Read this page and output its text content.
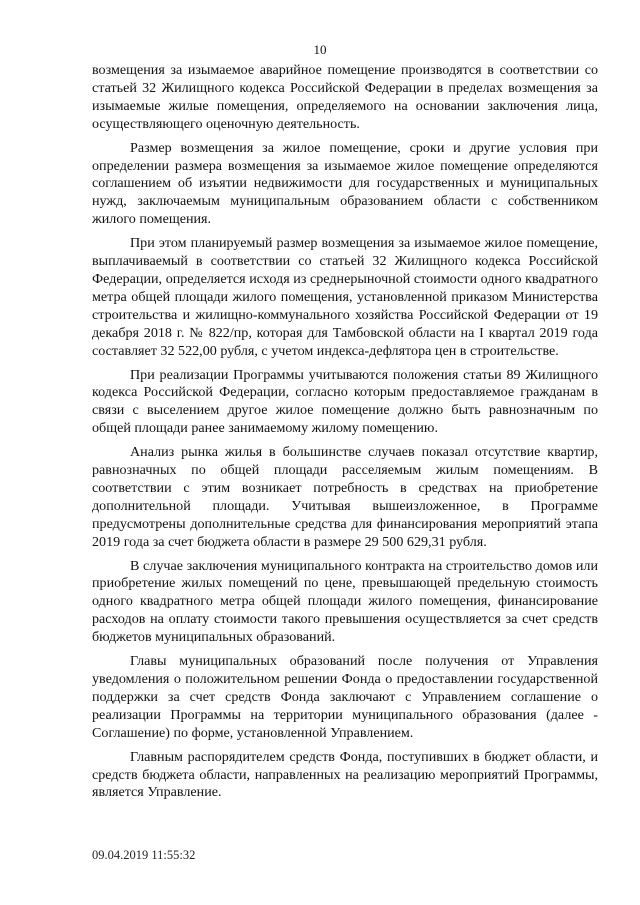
10

возмещения за изымаемое аварийное помещение производятся в соответствии со статьей 32 Жилищного кодекса Российской Федерации в пределах возмещения за изымаемые жилые помещения, определяемого на основании заключения лица, осуществляющего оценочную деятельность.

Размер возмещения за жилое помещение, сроки и другие условия при определении размера возмещения за изымаемое жилое помещение определяются соглашением об изъятии недвижимости для государственных и муниципальных нужд, заключаемым муниципальным образованием области с собственником жилого помещения.

При этом планируемый размер возмещения за изымаемое жилое помещение, выплачиваемый в соответствии со статьей 32 Жилищного кодекса Российской Федерации, определяется исходя из среднерыночной стоимости одного квадратного метра общей площади жилого помещения, установленной приказом Министерства строительства и жилищно-коммунального хозяйства Российской Федерации от 19 декабря 2018 г. № 822/пр, которая для Тамбовской области на I квартал 2019 года составляет 32 522,00 рубля, с учетом индекса-дефлятора цен в строительстве.

При реализации Программы учитываются положения статьи 89 Жилищного кодекса Российской Федерации, согласно которым предоставляемое гражданам в связи с выселением другое жилое помещение должно быть равнозначным по общей площади ранее занимаемому жилому помещению.

Анализ рынка жилья в большинстве случаев показал отсутствие квартир, равнозначных по общей площади расселяемым жилым помещениям. В соответствии с этим возникает потребность в средствах на приобретение дополнительной площади. Учитывая вышеизложенное, в Программе предусмотрены дополнительные средства для финансирования мероприятий этапа 2019 года за счет бюджета области в размере 29 500 629,31 рубля.

В случае заключения муниципального контракта на строительство домов или приобретение жилых помещений по цене, превышающей предельную стоимость одного квадратного метра общей площади жилого помещения, финансирование расходов на оплату стоимости такого превышения осуществляется за счет средств бюджетов муниципальных образований.

Главы муниципальных образований после получения от Управления уведомления о положительном решении Фонда о предоставлении государственной поддержки за счет средств Фонда заключают с Управлением соглашение о реализации Программы на территории муниципального образования (далее - Соглашение) по форме, установленной Управлением.

Главным распорядителем средств Фонда, поступивших в бюджет области, и средств бюджета области, направленных на реализацию мероприятий Программы, является Управление.

09.04.2019 11:55:32
